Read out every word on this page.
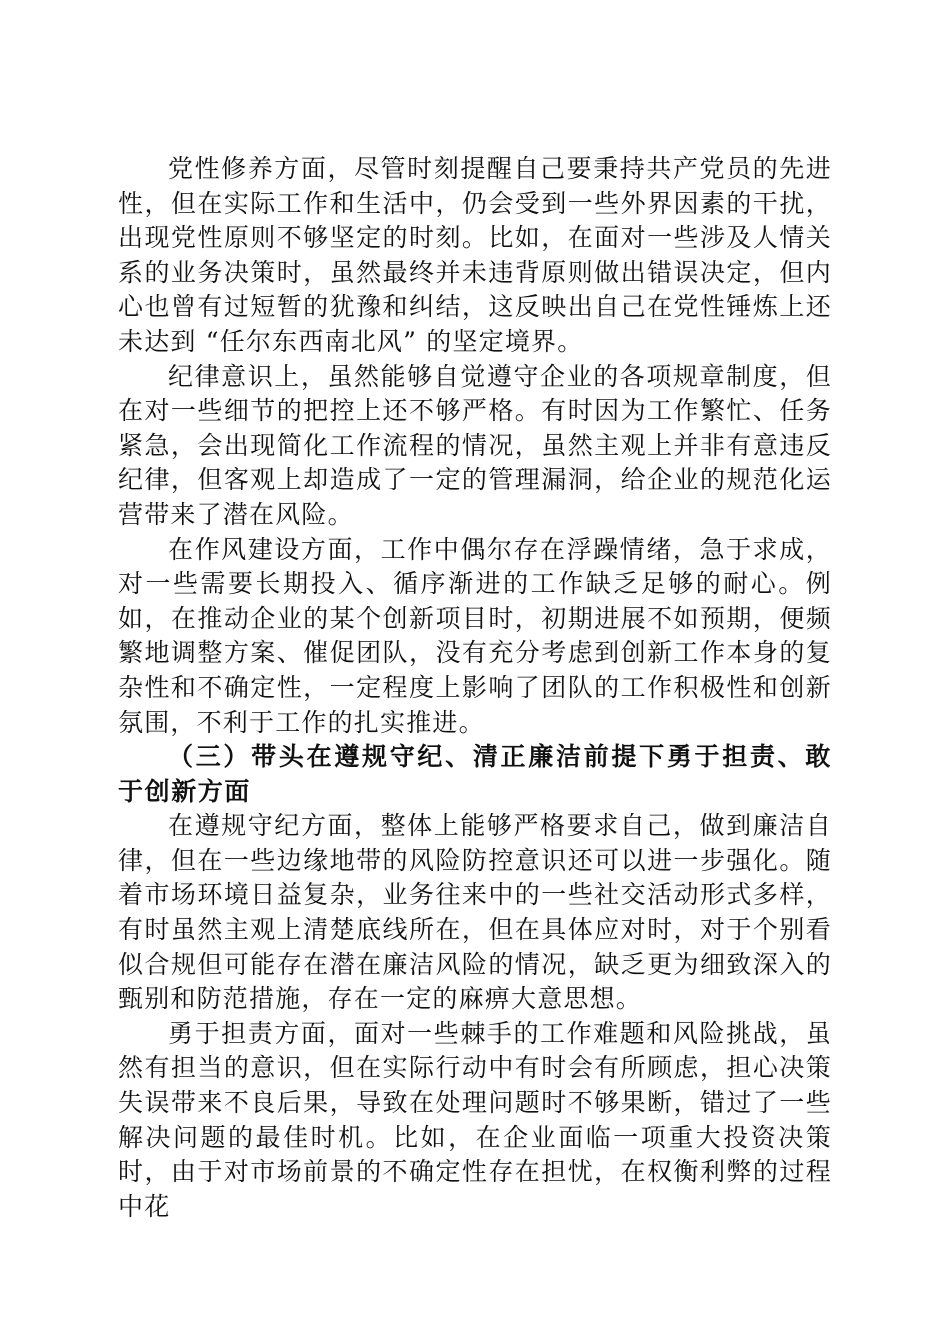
党性修养方面，尽管时刻提醒自己要秉持共产党员的先进性，但在实际工作和生活中，仍会受到一些外界因素的干扰，出现党性原则不够坚定的时刻。比如，在面对一些涉及人情关系的业务决策时，虽然最终并未违背原则做出错误决定，但内心也曾有过短暂的犹豫和纠结，这反映出自己在党性锤炼上还未达到 “任尔东西南北风” 的坚定境界。

纪律意识上，虽然能够自觉遵守企业的各项规章制度，但在对一些细节的把控上还不够严格。有时因为工作繁忙、任务紧急，会出现简化工作流程的情况，虽然主观上并非有意违反纪律，但客观上却造成了一定的管理漏洞，给企业的规范化运营带来了潜在风险。

在作风建设方面，工作中偶尔存在浮躁情绪，急于求成，对一些需要长期投入、循序渐进的工作缺乏足够的耐心。例如，在推动企业的某个创新项目时，初期进展不如预期，便频繁地调整方案、催促团队，没有充分考虑到创新工作本身的复杂性和不确定性，一定程度上影响了团队的工作积极性和创新氛围，不利于工作的扎实推进。

（三）带头在遵规守纪、清正廉洁前提下勇于担责、敢于创新方面

在遵规守纪方面，整体上能够严格要求自己，做到廉洁自律，但在一些边缘地带的风险防控意识还可以进一步强化。随着市场环境日益复杂，业务往来中的一些社交活动形式多样，有时虽然主观上清楚底线所在，但在具体应对时，对于个别看似合规但可能存在潜在廉洁风险的情况，缺乏更为细致深入的甄别和防范措施，存在一定的麻痹大意思想。

勇于担责方面，面对一些棘手的工作难题和风险挑战，虽然有担当的意识，但在实际行动中有时会有所顾虑，担心决策失误带来不良后果，导致在处理问题时不够果断，错过了一些解决问题的最佳时机。比如，在企业面临一项重大投资决策时，由于对市场前景的不确定性存在担忧，在权衡利弊的过程中花
